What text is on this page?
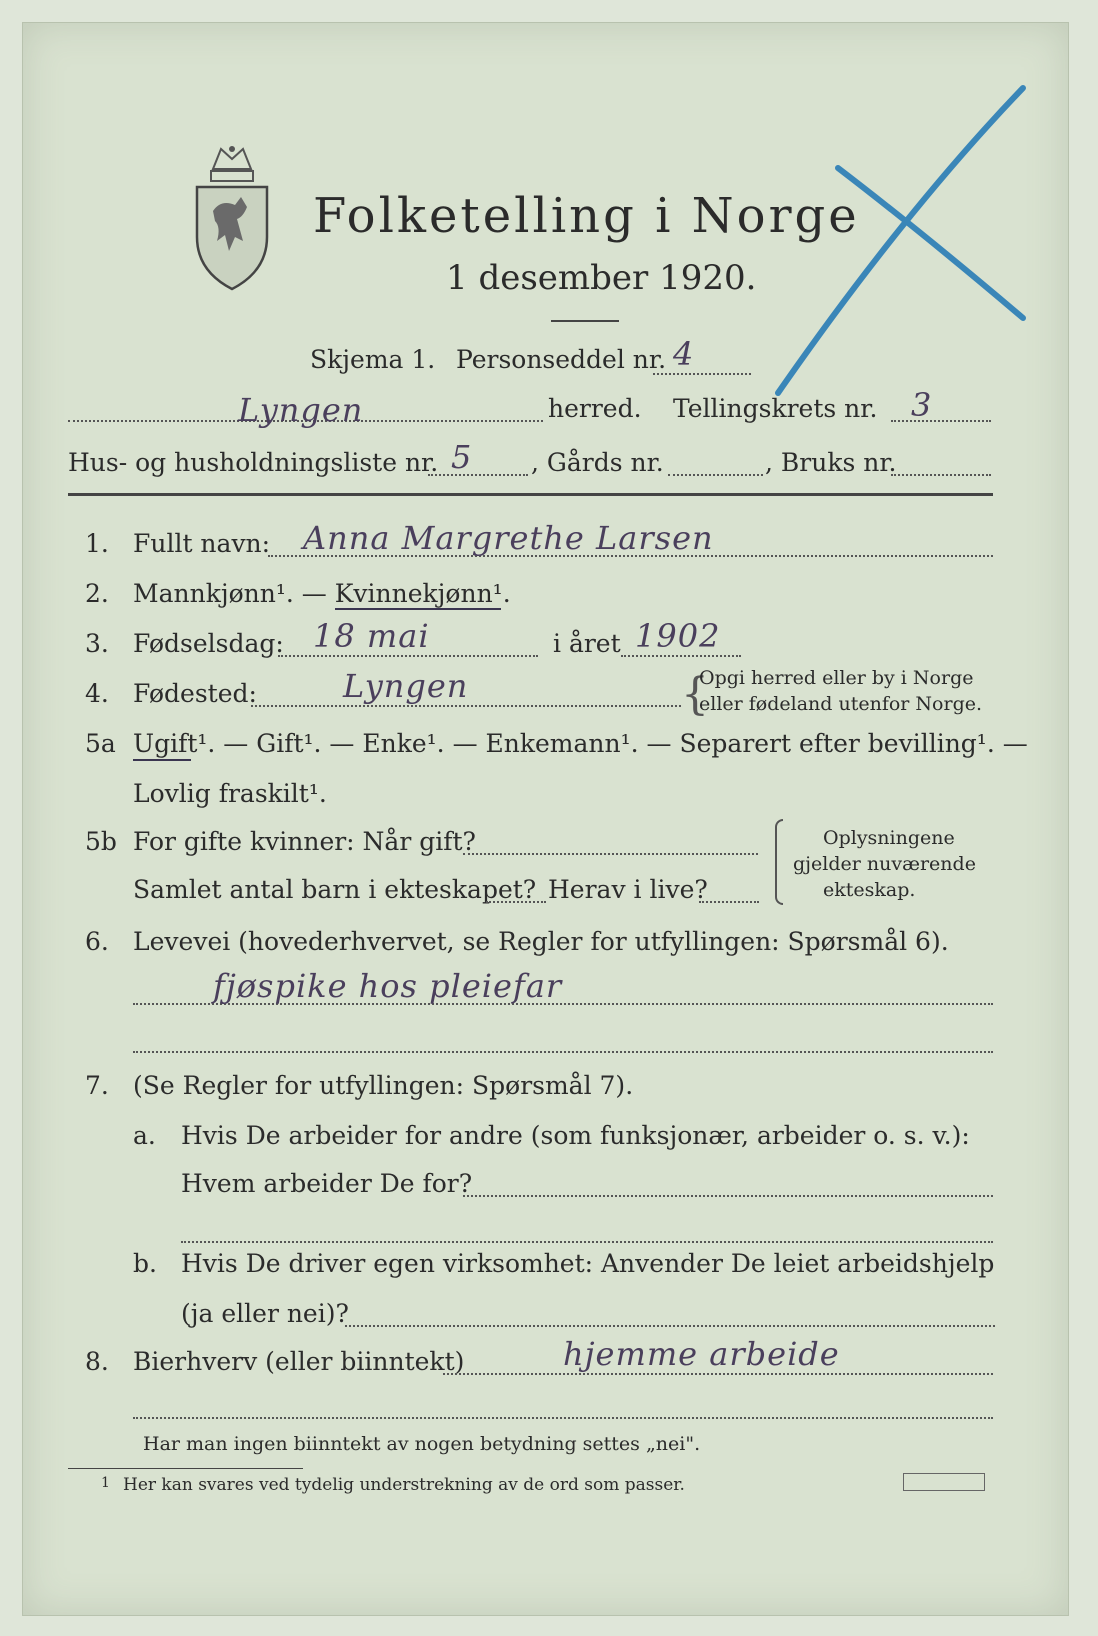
Folketelling i Norge
1 desember 1920.
Skjema 1. Personseddel nr. 4
Lyngen	herred. Tellingskrets nr. 3
Hus- og husholdningsliste nr. 5 , Gårds nr.	, Bruks nr.
1. Fullt navn: Anna Margrethe Larsen
2. Mannkjønn¹. — Kvinnekjønn¹.
3. Fødselsdag: 18 mai	i året 1902
4. Fødested:	Lyngen	{
Opgi herred eller by i Norge
eller fødeland utenfor Norge.
5a Ugift¹. — Gift¹. — Enke¹. — Enkemann¹. — Separert efter bevilling¹. —
Lovlig fraskilt¹.
5b For gifte kvinner: Når gift?
Samlet antal barn i ekteskapet? Herav i live?
Oplysningene
gjelder nuværende
ekteskap.
6. Levevei (hovederhvervet, se Regler for utfyllingen: Spørsmål 6).
fjøspike hos pleiefar
7. (Se Regler for utfyllingen: Spørsmål 7).
a. Hvis De arbeider for andre (som funksjonær, arbeider o. s. v.):
Hvem arbeider De for?
b. Hvis De driver egen virksomhet: Anvender De leiet arbeidshjelp
(ja eller nei)?
8. Bierhverv (eller biinntekt)	hjemme arbeide
Har man ingen biinntekt av nogen betydning settes „nei".
1 Her kan svares ved tydelig understrekning av de ord som passer.
